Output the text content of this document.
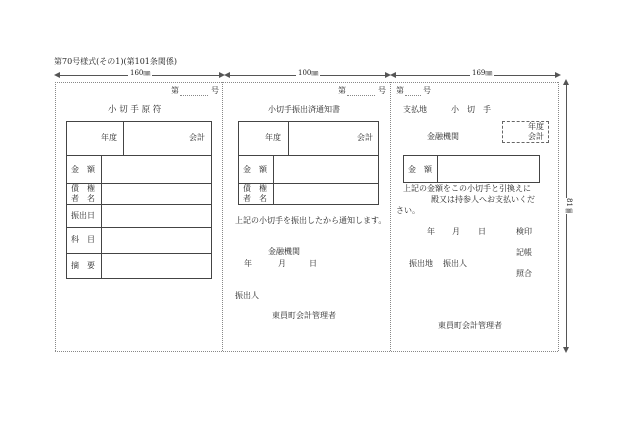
第70号様式(その1)(第101条関係)
160㎜	100㎜	169㎜
81㎜
第	号
小 切 手 原 符
年度	会計
金　額
債　権
者　名
振出日
科　目
摘　要
第	号
小切手振出済通知書
年度	会計
金　額
債　権
者　名
上記の小切手を振出したから通知します。
金融機関
年	月	日
振出人
東員町会計管理者
第 号
支払地	小　切　手
年度
会計
金融機関
金　額
上記の金額をこの小切手と引換えに
殿又は持参人へお支払いくだ
さい。
年 月 日	検印
記帳
振出地 振出人
照合
東員町会計管理者
